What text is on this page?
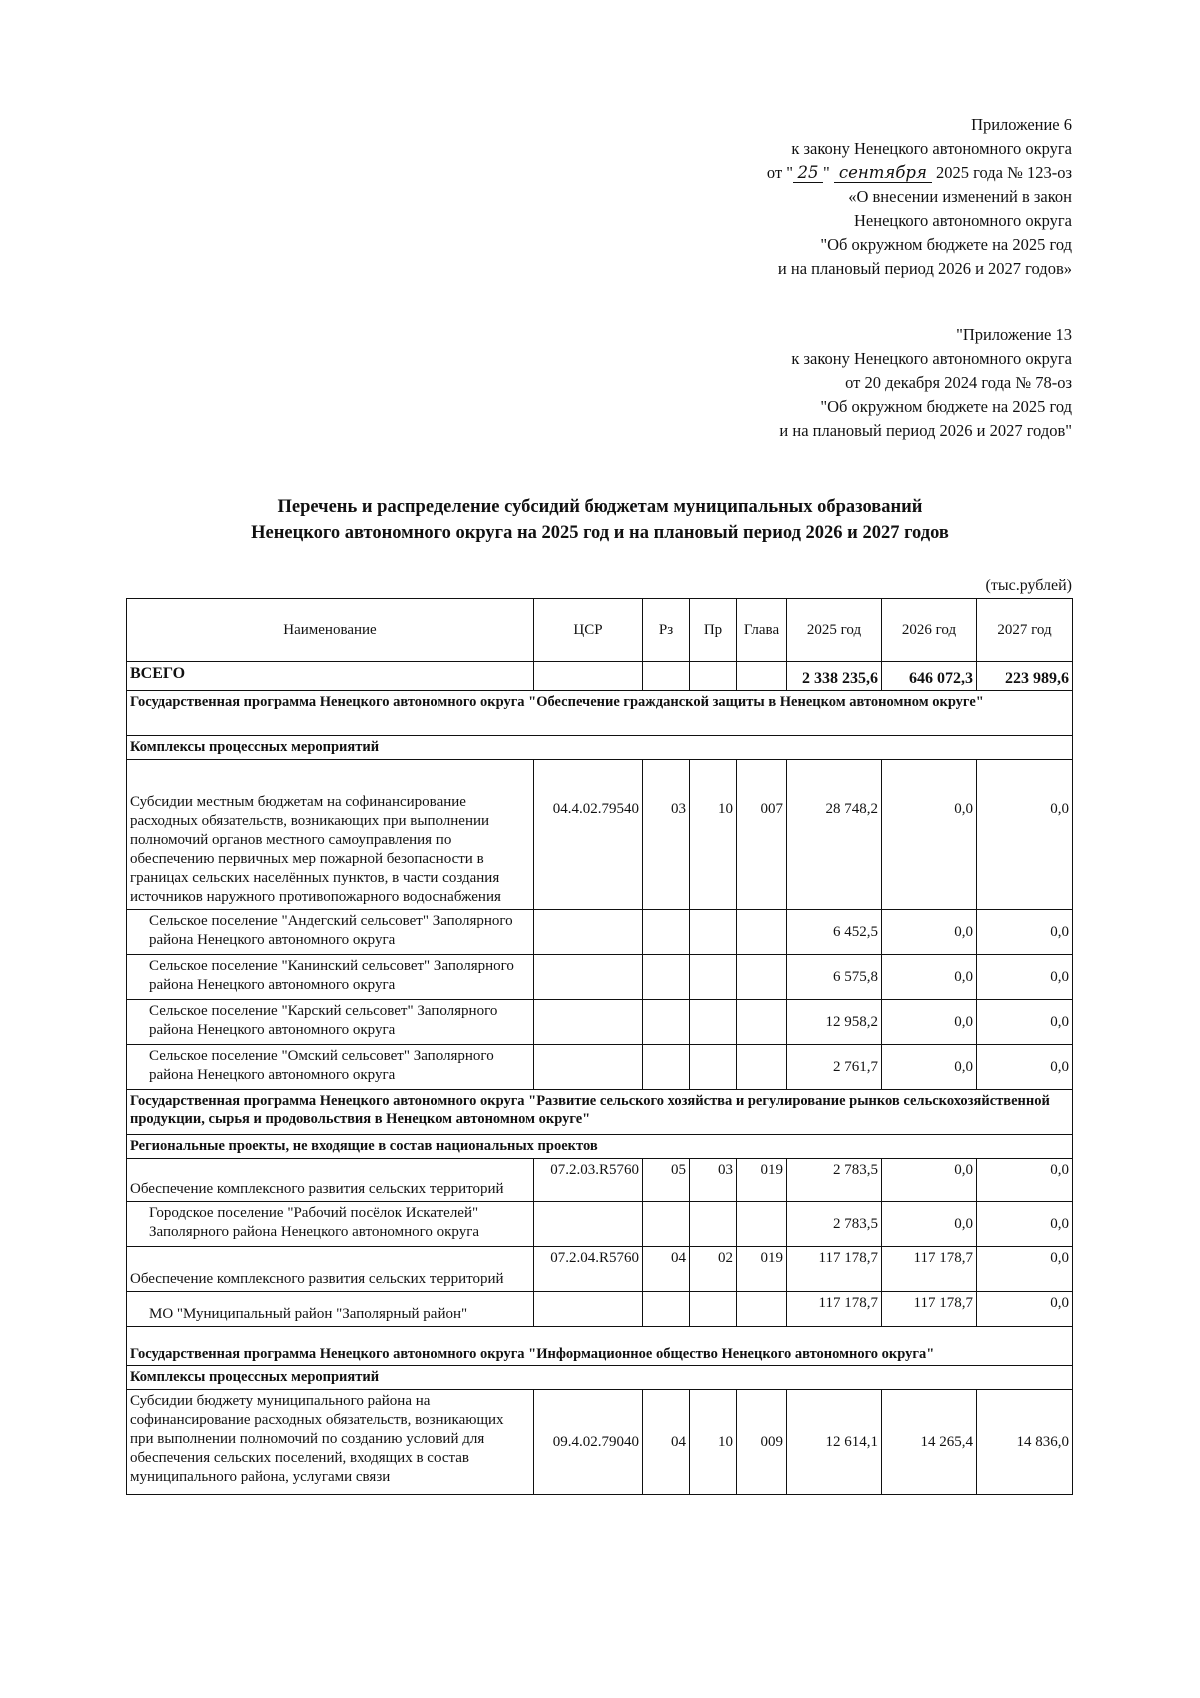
Приложение 6
к закону Ненецкого автономного округа
от " 25 " сентября 2025 года № 123-оз
«О внесении изменений в закон
Ненецкого автономного округа
"Об окружном бюджете на 2025 год
и на плановый период 2026 и 2027 годов»
"Приложение 13
к закону Ненецкого автономного округа
от 20 декабря 2024 года № 78-оз
"Об окружном бюджете на 2025 год
и на плановый период 2026 и 2027 годов"
Перечень и распределение субсидий бюджетам муниципальных образований
Ненецкого автономного округа на 2025 год и на плановый период 2026 и 2027 годов
(тыс.рублей)
Наименование	ЦСР	Рз	Пр	Глава	2025 год	2026 год	2027 год
ВСЕГО					2 338 235,6	646 072,3	223 989,6
Государственная программа Ненецкого автономного округа "Обеспечение гражданской защиты в Ненецком автономном округе"							
Комплексы процессных мероприятий							
Субсидии местным бюджетам на софинансирование расходных обязательств, возникающих при выполнении полномочий органов местного самоуправления по обеспечению первичных мер пожарной безопасности в границах сельских населённых пунктов, в части создания источников наружного противопожарного водоснабжения	04.4.02.79540	03	10	007	28 748,2	0,0	0,0
Сельское поселение "Андегский сельсовет" Заполярного района Ненецкого автономного округа					6 452,5	0,0	0,0
Сельское поселение "Канинский сельсовет" Заполярного района Ненецкого автономного округа					6 575,8	0,0	0,0
Сельское поселение "Карский сельсовет" Заполярного района Ненецкого автономного округа					12 958,2	0,0	0,0
Сельское поселение "Омский сельсовет" Заполярного района Ненецкого автономного округа					2 761,7	0,0	0,0
Государственная программа Ненецкого автономного округа "Развитие сельского хозяйства и регулирование рынков сельскохозяйственной продукции, сырья и продовольствия в Ненецком автономном округе"							
Региональные проекты, не входящие в состав национальных проектов							
Обеспечение комплексного развития сельских территорий	07.2.03.R5760	05	03	019	2 783,5	0,0	0,0
Городское поселение "Рабочий посёлок Искателей" Заполярного района Ненецкого автономного округа					2 783,5	0,0	0,0
Обеспечение комплексного развития сельских территорий	07.2.04.R5760	04	02	019	117 178,7	117 178,7	0,0
МО "Муниципальный район "Заполярный район"					117 178,7	117 178,7	0,0
Государственная программа Ненецкого автономного округа "Информационное общество Ненецкого автономного округа"							
Комплексы процессных мероприятий							
Субсидии бюджету муниципального района на софинансирование расходных обязательств, возникающих при выполнении полномочий по созданию условий для обеспечения сельских поселений, входящих в состав муниципального района, услугами связи	09.4.02.79040	04	10	009	12 614,1	14 265,4	14 836,0
